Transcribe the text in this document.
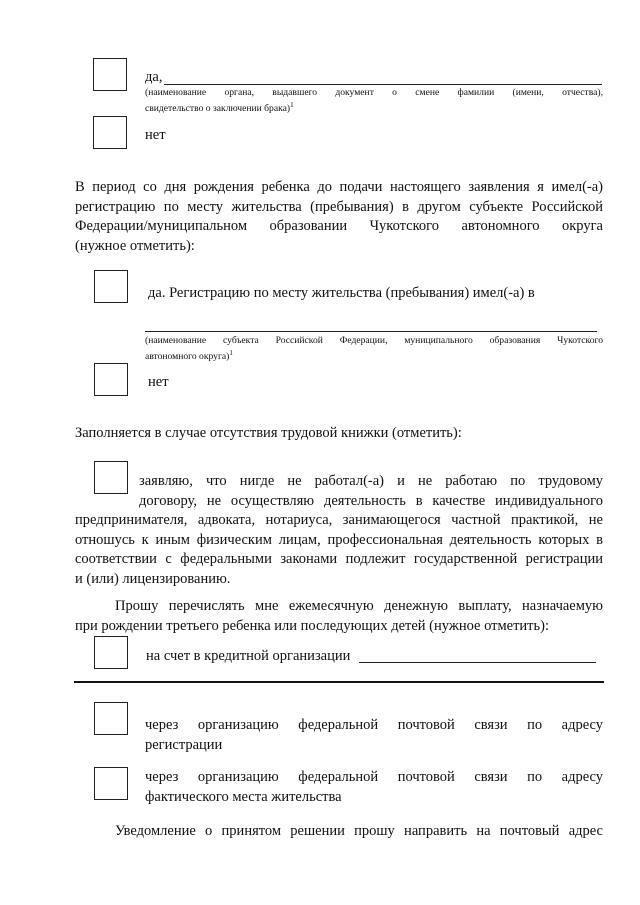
да,
(наименование органа, выдавшего документ о смене фамилии (имени, отчества),
свидетельство о заключении брака)$^1$
нет

В период со дня рождения ребенка до подачи настоящего заявления я имел(-а)

регистрацию по месту жительства (пребывания) в другом субъекте Российской

Федерации/муниципальном образовании Чукотского автономного округа

(нужное отметить):

да. Регистрацию по месту жительства (пребывания) имел(-а) в
(наименование субъекта Российской Федерации, муниципального образования Чукотского
автономного округа)$^1$
нет
Заполняется в случае отсутствия трудовой книжки (отметить):

заявляю, что нигде не работал(-а) и не работаю по трудовому

договору, не осуществляю деятельность в качестве индивидуального

предпринимателя, адвоката, нотариуса, занимающегося частной практикой, не

отношусь к иным физическим лицам, профессиональная деятельность которых в

соответствии с федеральными законами подлежит государственной регистрации

и (или) лицензированию.

Прошу перечислять мне ежемесячную денежную выплату, назначаемую

при рождении третьего ребенка или последующих детей (нужное отметить):

на счет в кредитной организации

через организацию федеральной почтовой связи по адресу

регистрации

через организацию федеральной почтовой связи по адресу

фактического места жительства

Уведомление о принятом решении прошу направить на почтовый адрес
